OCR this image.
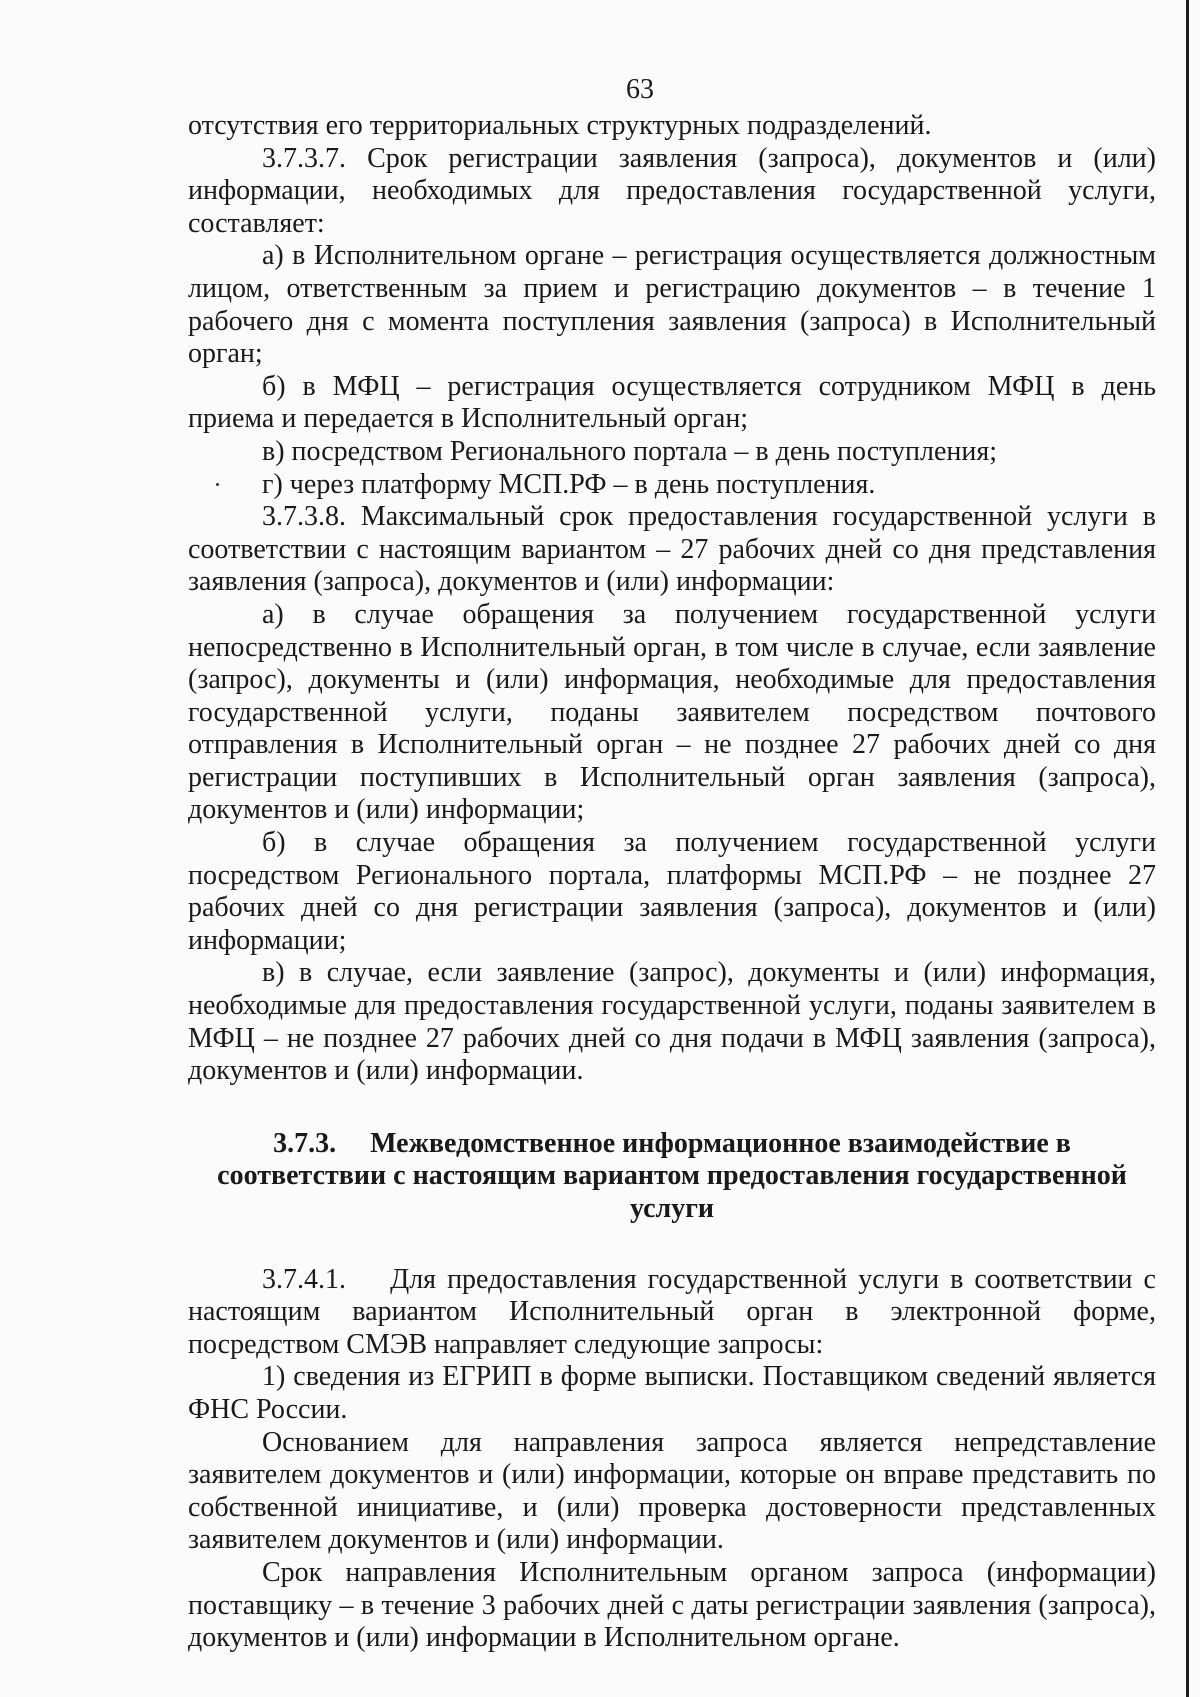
63

отсутствия его территориальных структурных подразделений.

3.7.3.7. Срок регистрации заявления (запроса), документов и (или) информации, необходимых для предоставления государственной услуги, составляет:

а) в Исполнительном органе – регистрация осуществляется должностным лицом, ответственным за прием и регистрацию документов – в течение 1 рабочего дня с момента поступления заявления (запроса) в Исполнительный орган;

б) в МФЦ – регистрация осуществляется сотрудником МФЦ в день приема и передается в Исполнительный орган;

в) посредством Регионального портала – в день поступления;

г) через платформу МСП.РФ – в день поступления.

3.7.3.8. Максимальный срок предоставления государственной услуги в соответствии с настоящим вариантом – 27 рабочих дней со дня представления заявления (запроса), документов и (или) информации:

а) в случае обращения за получением государственной услуги непосредственно в Исполнительный орган, в том числе в случае, если заявление (запрос), документы и (или) информация, необходимые для предоставления государственной услуги, поданы заявителем посредством почтового отправления в Исполнительный орган – не позднее 27 рабочих дней со дня регистрации поступивших в Исполнительный орган заявления (запроса), документов и (или) информации;

б) в случае обращения за получением государственной услуги посредством Регионального портала, платформы МСП.РФ – не позднее 27 рабочих дней со дня регистрации заявления (запроса), документов и (или) информации;

в) в случае, если заявление (запрос), документы и (или) информация, необходимые для предоставления государственной услуги, поданы заявителем в МФЦ – не позднее 27 рабочих дней со дня подачи в МФЦ заявления (запроса), документов и (или) информации.

3.7.3. Межведомственное информационное взаимодействие в соответствии с настоящим вариантом предоставления государственной услуги

3.7.4.1.    Для предоставления государственной услуги в соответствии с настоящим вариантом Исполнительный орган в электронной форме, посредством СМЭВ направляет следующие запросы:

1) сведения из ЕГРИП в форме выписки. Поставщиком сведений является ФНС России.

Основанием для направления запроса является непредставление заявителем документов и (или) информации, которые он вправе представить по собственной инициативе, и (или) проверка достоверности представленных заявителем документов и (или) информации.

Срок направления Исполнительным органом запроса (информации) поставщику – в течение 3 рабочих дней с даты регистрации заявления (запроса), документов и (или) информации в Исполнительном органе.
